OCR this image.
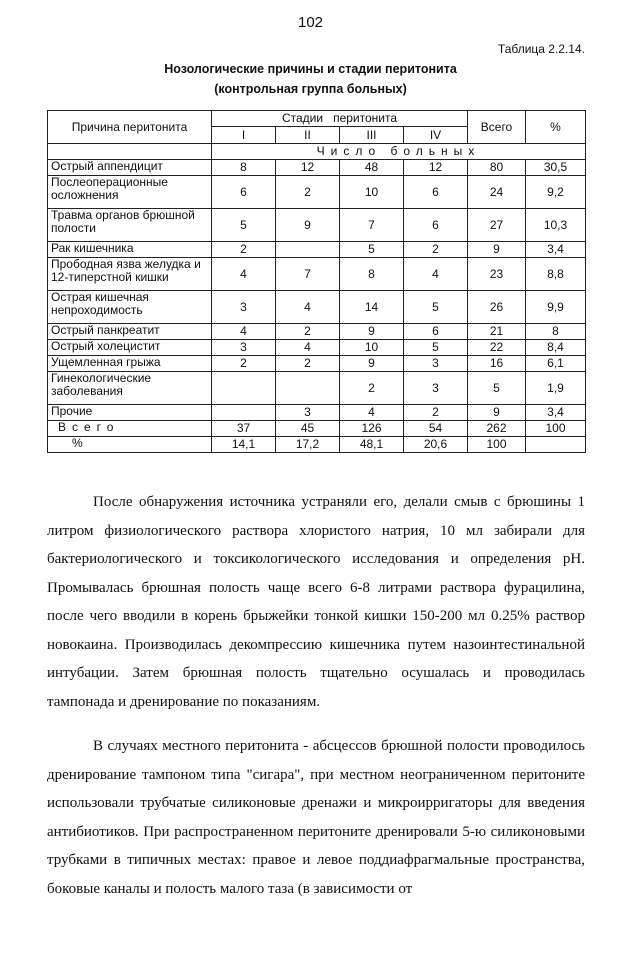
102
Таблица 2.2.14.
Нозологические причины и стадии перитонита
(контрольная группа больных)
Причина перитонита	Стадии   перитонита				Всего	%
	I	II	III	IV		
	Число больных					
Острый аппендицит	8	12	48	12	80	30,5
Послеоперационные осложнения	6	2	10	6	24	9,2
Травма органов брюшной полости	5	9	7	6	27	10,3
Рак кишечника	2		5	2	9	3,4
Прободная язва желудка и 12-типерстной кишки	4	7	8	4	23	8,8
Острая кишечная непроходимость	3	4	14	5	26	9,9
Острый панкреатит	4	2	9	6	21	8
Острый холецистит	3	4	10	5	22	8,4
Ущемленная грыжа	2	2	9	3	16	6,1
Гинекологические заболевания			2	3	5	1,9
Прочие		3	4	2	9	3,4
Всего	37	45	126	54	262	100
%	14,1	17,2	48,1	20,6	100	

После обнаружения источника устраняли его, делали смыв с брюшины 1 литром физиологического раствора хлористого натрия, 10 мл забирали для бактериологического и токсикологического исследования и определения рН. Промывалась брюшная полость чаще всего 6-8 литрами раствора фурацилина, после чего вводили в корень брыжейки тонкой кишки 150-200 мл 0.25% раствор новокаина. Производилась декомпрессию кишечника путем назоинтестинальной интубации. Затем брюшная полость тщательно осушалась и проводилась тампонада и дренирование по показаниям.

В случаях местного перитонита - абсцессов брюшной полости проводилось дренирование тампоном типа "сигара", при местном неограниченном перитоните использовали трубчатые силиконовые дренажи и микроирригаторы для введения антибиотиков. При распространенном перитоните дренировали 5-ю силиконовыми трубками в типичных местах: правое и левое поддиафрагмальные пространства, боковые каналы и полость малого таза (в зависимости от
